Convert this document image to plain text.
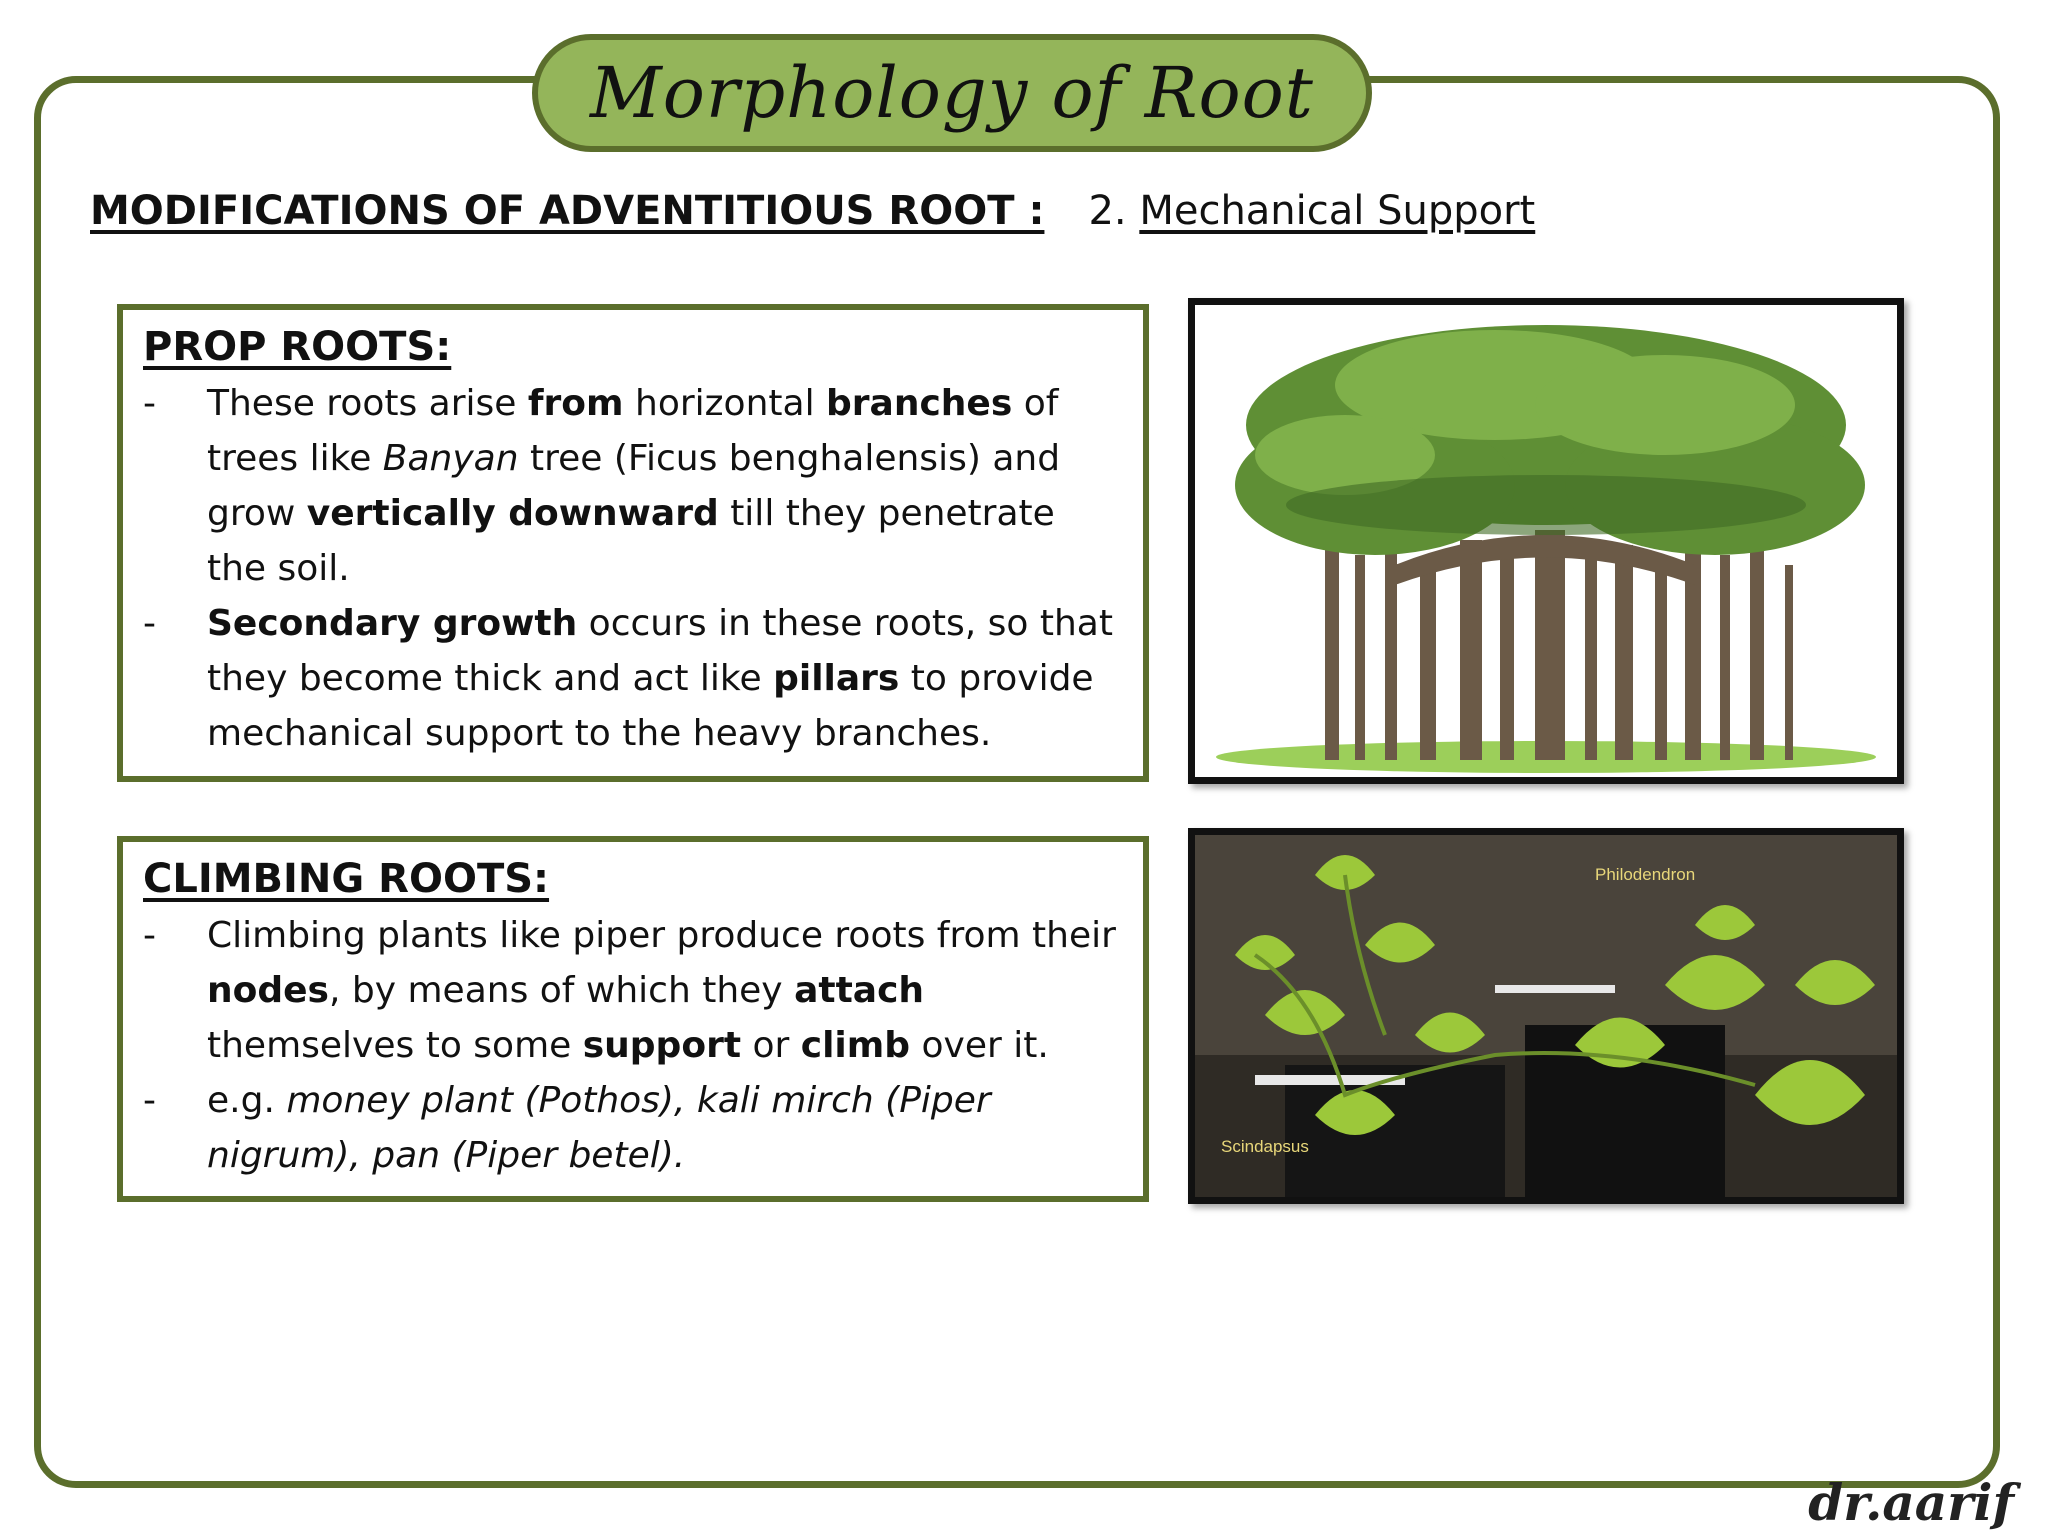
Morphology of Root
MODIFICATIONS OF ADVENTITIOUS ROOT : 2. Mechanical Support
PROP ROOTS:
- These roots arise from horizontal branches of trees like Banyan tree (Ficus benghalensis) and grow vertically downward till they penetrate the soil.
- Secondary growth occurs in these roots, so that they become thick and act like pillars to provide mechanical support to the heavy branches.
CLIMBING ROOTS:
- Climbing plants like piper produce roots from their nodes, by means of which they attach themselves to some support or climb over it.
- e.g. money plant (Pothos), kali mirch (Piper nigrum), pan (Piper betel).
Philodendron
Scindapsus
dr.aarif
